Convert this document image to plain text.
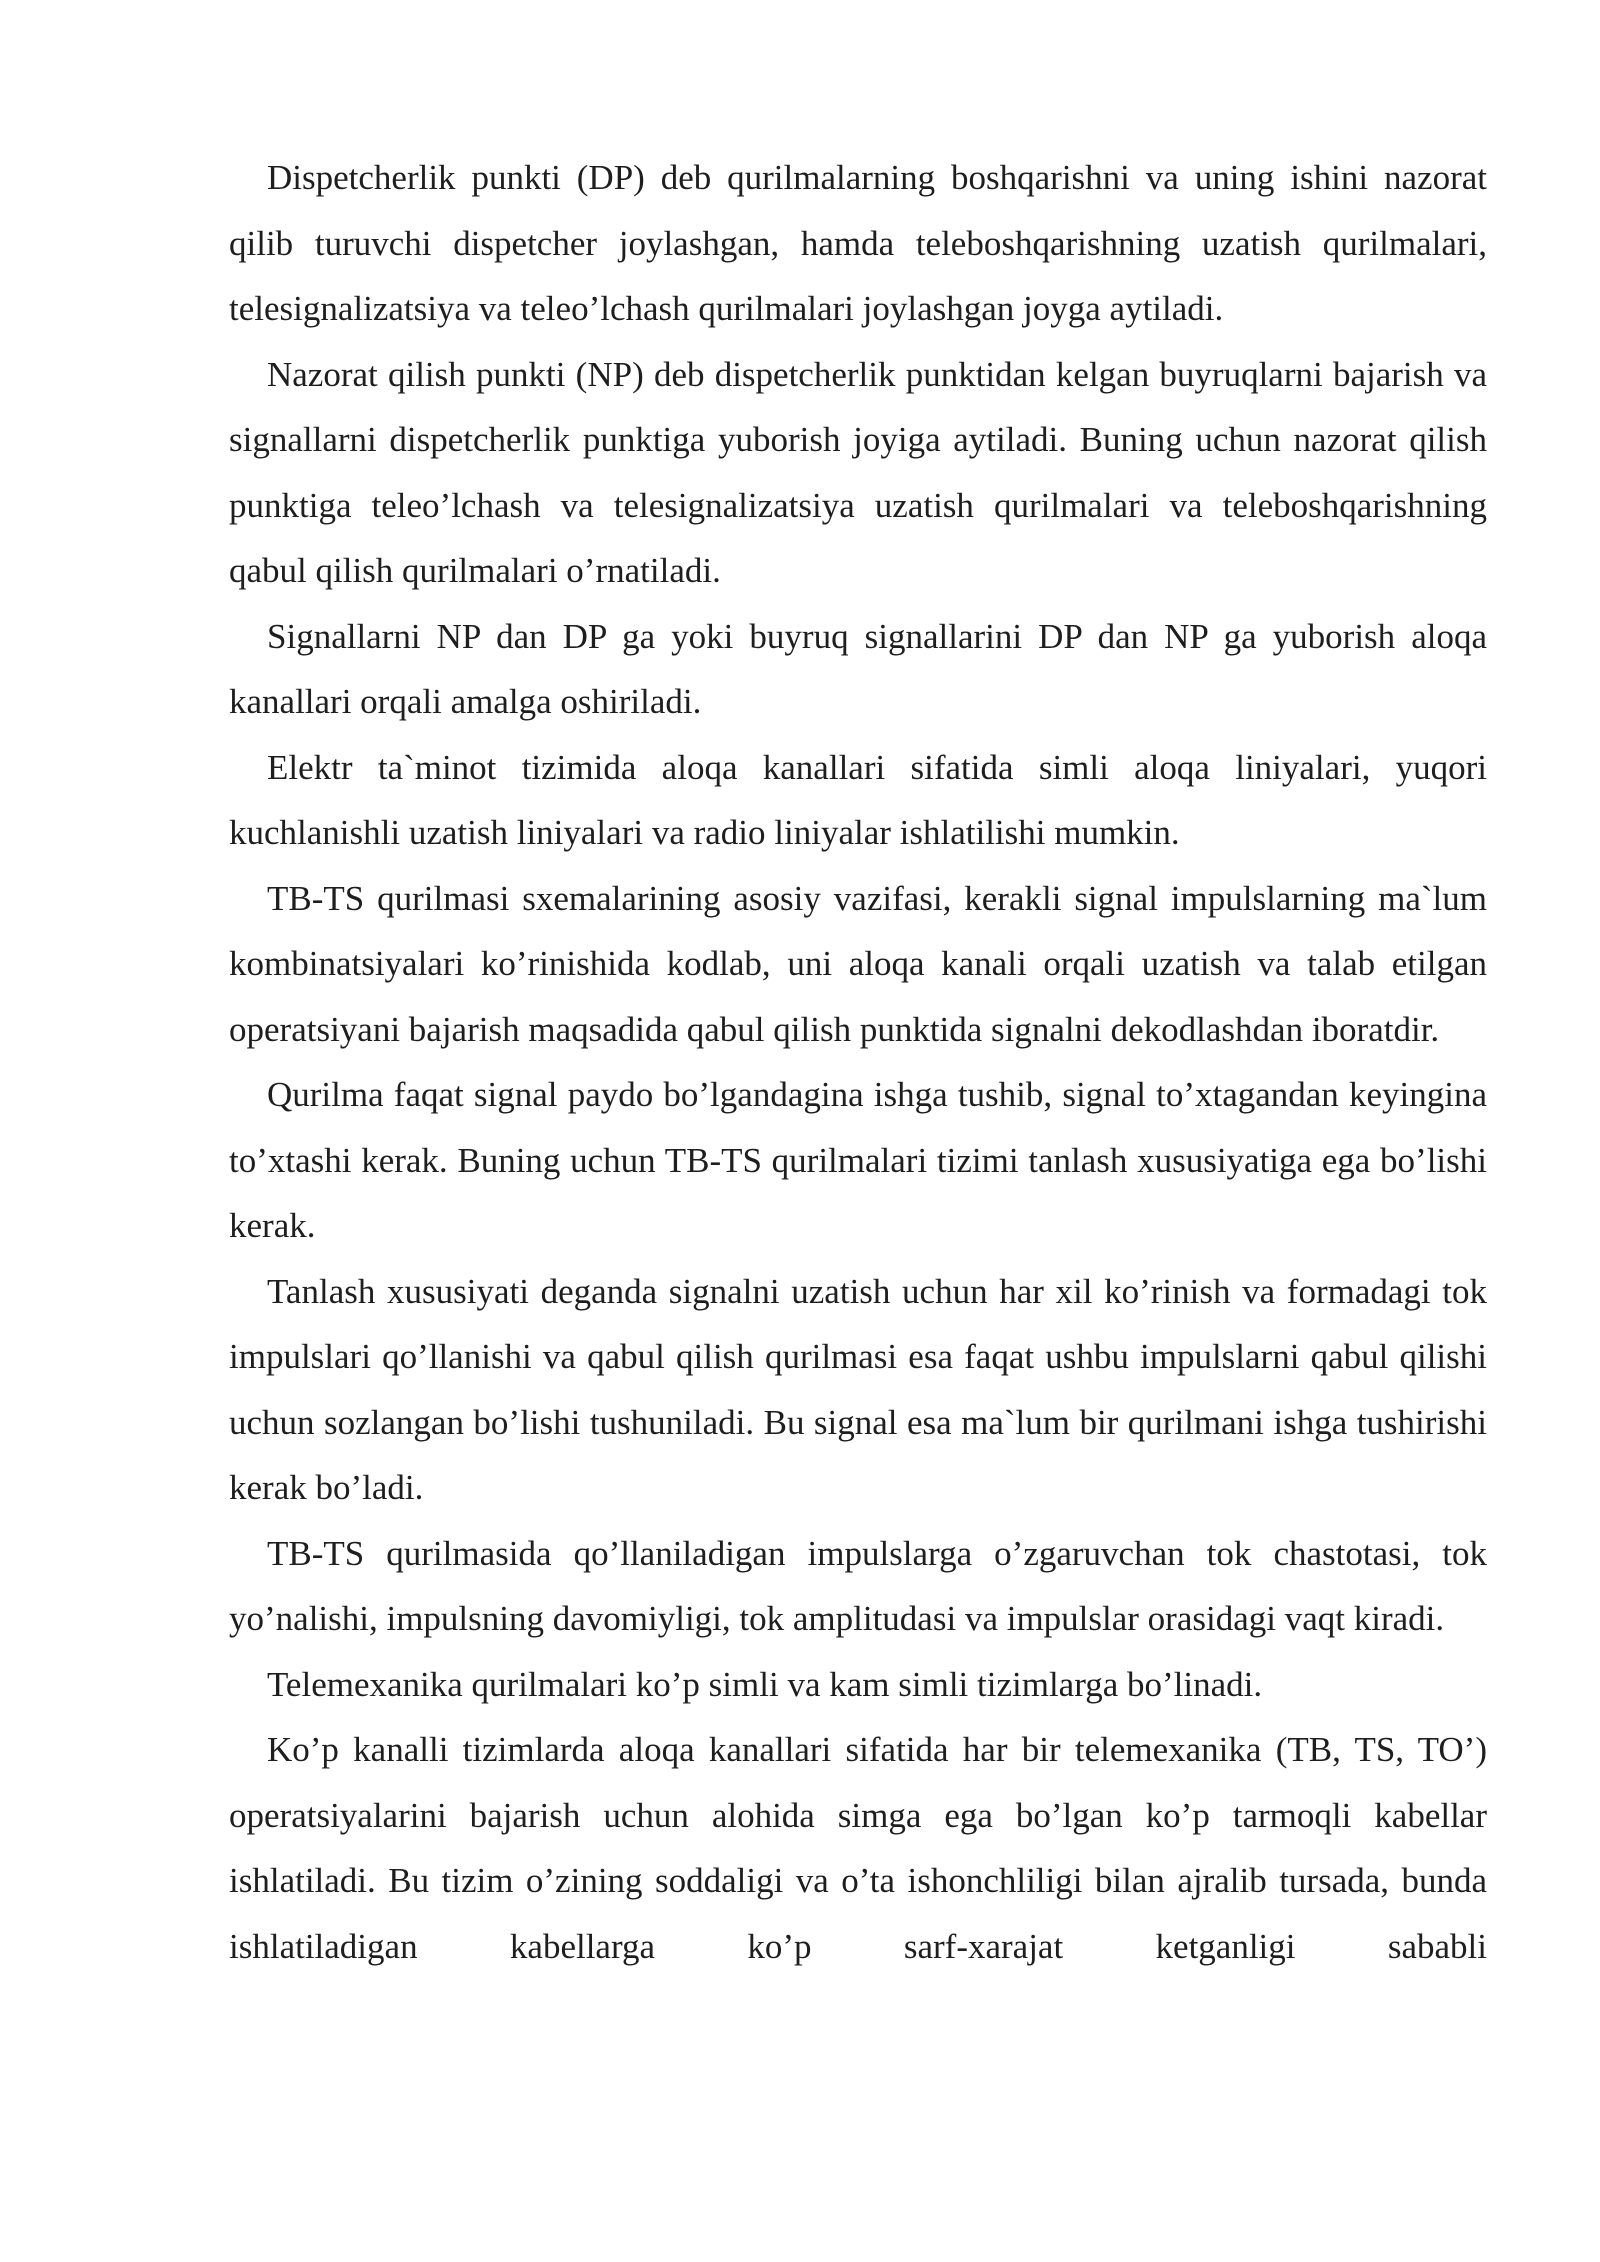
Dispetcherlik punkti (DP) deb qurilmalarning boshqarishni va uning ishini nazorat qilib turuvchi dispetcher joylashgan, hamda teleboshqarishning uzatish qurilmalari, telesignalizatsiya va teleo’lchash qurilmalari joylashgan joyga aytiladi.

Nazorat qilish punkti (NP) deb dispetcherlik punktidan kelgan buyruqlarni bajarish va signallarni dispetcherlik punktiga yuborish joyiga aytiladi. Buning uchun nazorat qilish punktiga teleo’lchash va telesignalizatsiya uzatish qurilmalari va teleboshqarishning qabul qilish qurilmalari o’rnatiladi.

Signallarni NP dan DP ga yoki buyruq signallarini DP dan NP ga yuborish aloqa kanallari orqali amalga oshiriladi.

Elektr ta`minot tizimida aloqa kanallari sifatida simli aloqa liniyalari, yuqori kuchlanishli uzatish liniyalari va radio liniyalar ishlatilishi mumkin.

TB-TS qurilmasi sxemalarining asosiy vazifasi, kerakli signal impulslarning ma`lum kombinatsiyalari ko’rinishida kodlab, uni aloqa kanali orqali uzatish va talab etilgan operatsiyani bajarish maqsadida qabul qilish punktida signalni dekodlashdan iboratdir.

Qurilma faqat signal paydo bo’lgandagina ishga tushib, signal to’xtagandan keyingina to’xtashi kerak. Buning uchun TB-TS qurilmalari tizimi tanlash xususiyatiga ega bo’lishi kerak.

Tanlash xususiyati deganda signalni uzatish uchun har xil ko’rinish va formadagi tok impulslari qo’llanishi va qabul qilish qurilmasi esa faqat ushbu impulslarni qabul qilishi uchun sozlangan bo’lishi tushuniladi. Bu signal esa ma`lum bir qurilmani ishga tushirishi kerak bo’ladi.

TB-TS qurilmasida qo’llaniladigan impulslarga o’zgaruvchan tok chastotasi, tok yo’nalishi, impulsning davomiyligi, tok amplitudasi va impulslar orasidagi vaqt kiradi.

Telemexanika qurilmalari ko’p simli va kam simli tizimlarga bo’linadi.

Ko’p kanalli tizimlarda aloqa kanallari sifatida har bir telemexanika (TB, TS, TO’) operatsiyalarini bajarish uchun alohida simga ega bo’lgan ko’p tarmoqli kabellar ishlatiladi. Bu tizim o’zining soddaligi va o’ta ishonchliligi bilan ajralib tursada, bunda ishlatiladigan kabellarga ko’p sarf-xarajat ketganligi sababli
